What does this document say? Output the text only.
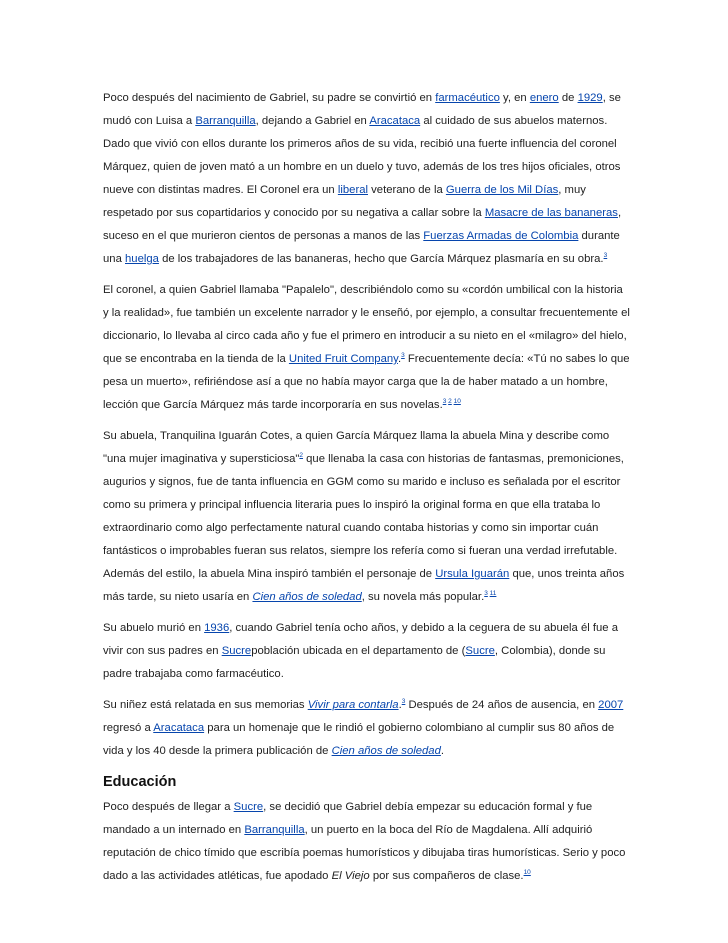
Poco después del nacimiento de Gabriel, su padre se convirtió en farmacéutico y, en enero de 1929, se mudó con Luisa a Barranquilla, dejando a Gabriel en Aracataca al cuidado de sus abuelos maternos. Dado que vivió con ellos durante los primeros años de su vida, recibió una fuerte influencia del coronel Márquez, quien de joven mató a un hombre en un duelo y tuvo, además de los tres hijos oficiales, otros nueve con distintas madres. El Coronel era un liberal veterano de la Guerra de los Mil Días, muy respetado por sus copartidarios y conocido por su negativa a callar sobre la Masacre de las bananeras, suceso en el que murieron cientos de personas a manos de las Fuerzas Armadas de Colombia durante una huelga de los trabajadores de las bananeras, hecho que García Márquez plasmaría en su obra.$^3$

El coronel, a quien Gabriel llamaba "Papalelo", describiéndolo como su «cordón umbilical con la historia y la realidad», fue también un excelente narrador y le enseñó, por ejemplo, a consultar frecuentemente el diccionario, lo llevaba al circo cada año y fue el primero en introducir a su nieto en el «milagro» del hielo, que se encontraba en la tienda de la United Fruit Company.$^3$ Frecuentemente decía: «Tú no sabes lo que pesa un muerto», refiriéndose así a que no había mayor carga que la de haber matado a un hombre, lección que García Márquez más tarde incorporaría en sus novelas.$^{3 2 10}$

Su abuela, Tranquilina Iguarán Cotes, a quien García Márquez llama la abuela Mina y describe como "una mujer imaginativa y supersticiosa"$^2$ que llenaba la casa con historias de fantasmas, premoniciones, augurios y signos, fue de tanta influencia en GGM como su marido e incluso es señalada por el escritor como su primera y principal influencia literaria pues lo inspiró la original forma en que ella trataba lo extraordinario como algo perfectamente natural cuando contaba historias y como sin importar cuán fantásticos o improbables fueran sus relatos, siempre los refería como si fueran una verdad irrefutable. Además del estilo, la abuela Mina inspiró también el personaje de Ursula Iguarán que, unos treinta años más tarde, su nieto usaría en Cien años de soledad, su novela más popular.$^{3 11}$

Su abuelo murió en 1936, cuando Gabriel tenía ocho años, y debido a la ceguera de su abuela él fue a vivir con sus padres en Sucrepoblación ubicada en el departamento de (Sucre, Colombia), donde su padre trabajaba como farmacéutico.

Su niñez está relatada en sus memorias Vivir para contarla.$^3$ Después de 24 años de ausencia, en 2007 regresó a Aracataca para un homenaje que le rindió el gobierno colombiano al cumplir sus 80 años de vida y los 40 desde la primera publicación de Cien años de soledad.

Educación

Poco después de llegar a Sucre, se decidió que Gabriel debía empezar su educación formal y fue mandado a un internado en Barranquilla, un puerto en la boca del Río de Magdalena. Allí adquirió reputación de chico tímido que escribía poemas humorísticos y dibujaba tiras humorísticas. Serio y poco dado a las actividades atléticas, fue apodado El Viejo por sus compañeros de clase.$^{10}$
